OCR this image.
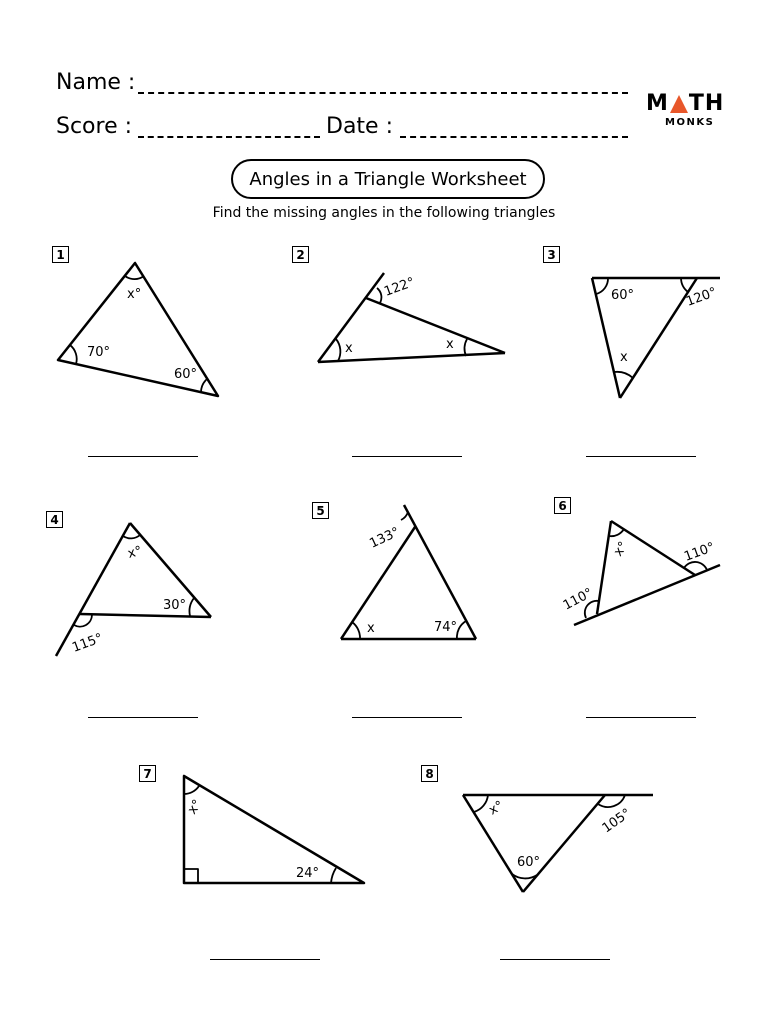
Name :
Score :	Date :
M TH
MONKS
Angles in a Triangle Worksheet
Find the missing angles in the following triangles
1	2	3
4
5	6
7	8
x°
70°
60°
122°
x	x
60°	120°
x
x°
30°
115°
133°
x	74°
x°	110°
110°
x°
24°
x°	105°
60°
